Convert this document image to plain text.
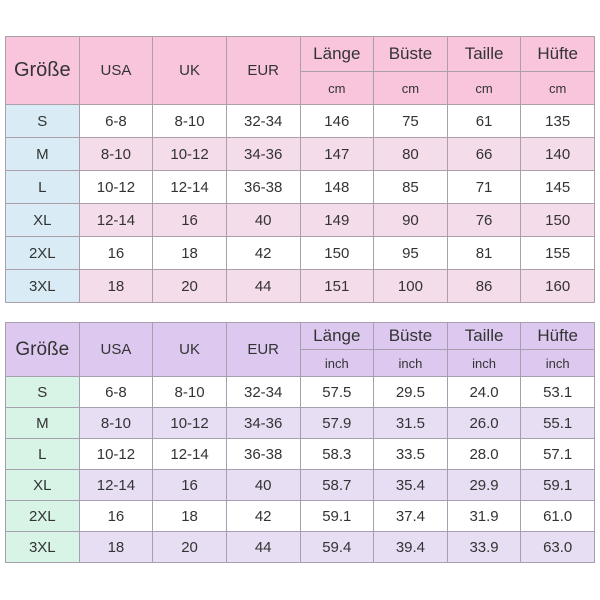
Größe	USA	UK	EUR	Länge	Büste	Taille	Hüfte
				cm	cm	cm	cm
S	6-8	8-10	32-34	146	75	61	135
M	8-10	10-12	34-36	147	80	66	140
L	10-12	12-14	36-38	148	85	71	145
XL	12-14	16	40	149	90	76	150
2XL	16	18	42	150	95	81	155
3XL	18	20	44	151	100	86	160
Größe	USA	UK	EUR	Länge	Büste	Taille	Hüfte
				inch	inch	inch	inch
S	6-8	8-10	32-34	57.5	29.5	24.0	53.1
M	8-10	10-12	34-36	57.9	31.5	26.0	55.1
L	10-12	12-14	36-38	58.3	33.5	28.0	57.1
XL	12-14	16	40	58.7	35.4	29.9	59.1
2XL	16	18	42	59.1	37.4	31.9	61.0
3XL	18	20	44	59.4	39.4	33.9	63.0
